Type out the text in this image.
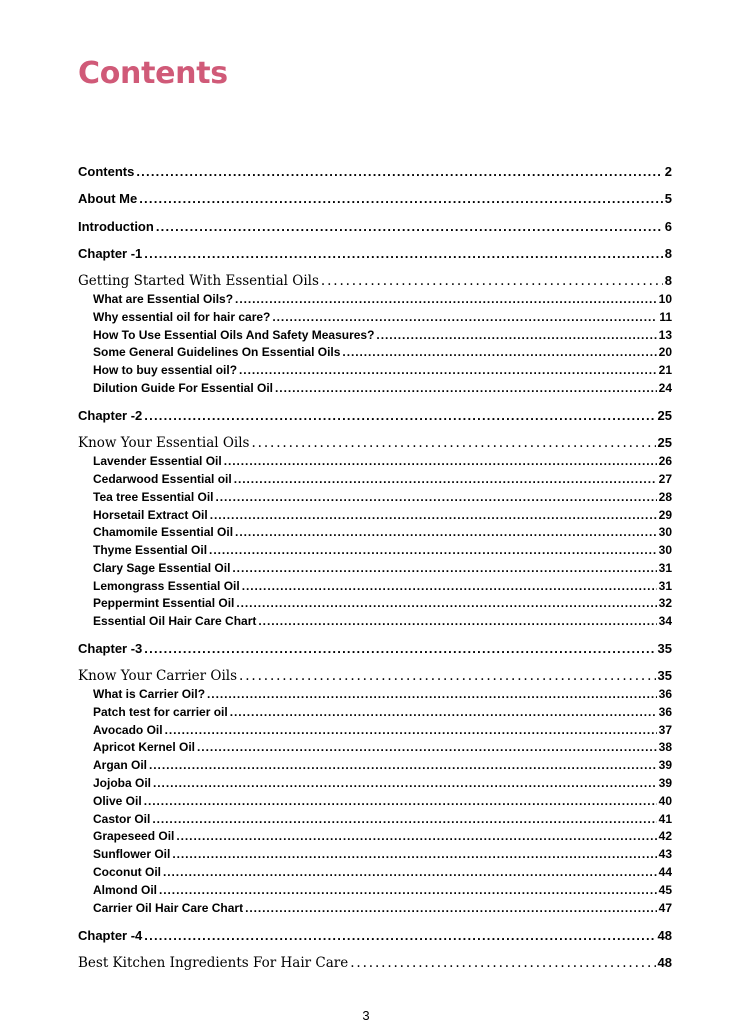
Contents
Contents . . .	2
About Me . . .	5
Introduction . . .	6
Chapter -1 . . .	8
Getting Started With Essential Oils . . .	8
What are Essential Oils? . . .	10
Why essential oil for hair care? . . .	11
How To Use Essential Oils And Safety Measures? . . .	13
Some General Guidelines On Essential Oils . . .	20
How to buy essential oil? . . .	21
Dilution Guide For Essential Oil . . .	24
Chapter -2 . . .	25
Know Your Essential Oils . . .	25
Lavender Essential Oil . . .	26
Cedarwood Essential oil . . .	27
Tea tree Essential Oil . . .	28
Horsetail Extract Oil . . .	29
Chamomile Essential Oil . . .	30
Thyme Essential Oil . . .	30
Clary Sage Essential Oil . . .	31
Lemongrass Essential Oil . . .	31
Peppermint Essential Oil . . .	32
Essential Oil Hair Care Chart . . .	34
Chapter -3 . . .	35
Know Your Carrier Oils . . .	35
What is Carrier Oil? . . .	36
Patch test for carrier oil . . .	36
Avocado Oil . . .	37
Apricot Kernel Oil . . .	38
Argan Oil . . .	39
Jojoba Oil . . .	39
Olive Oil . . .	40
Castor Oil . . .	41
Grapeseed Oil . . .	42
Sunflower Oil . . .	43
Coconut Oil . . .	44
Almond Oil . . .	45
Carrier Oil Hair Care Chart . . .	47
Chapter -4 . . .	48
Best Kitchen Ingredients For Hair Care . . .	48
3
